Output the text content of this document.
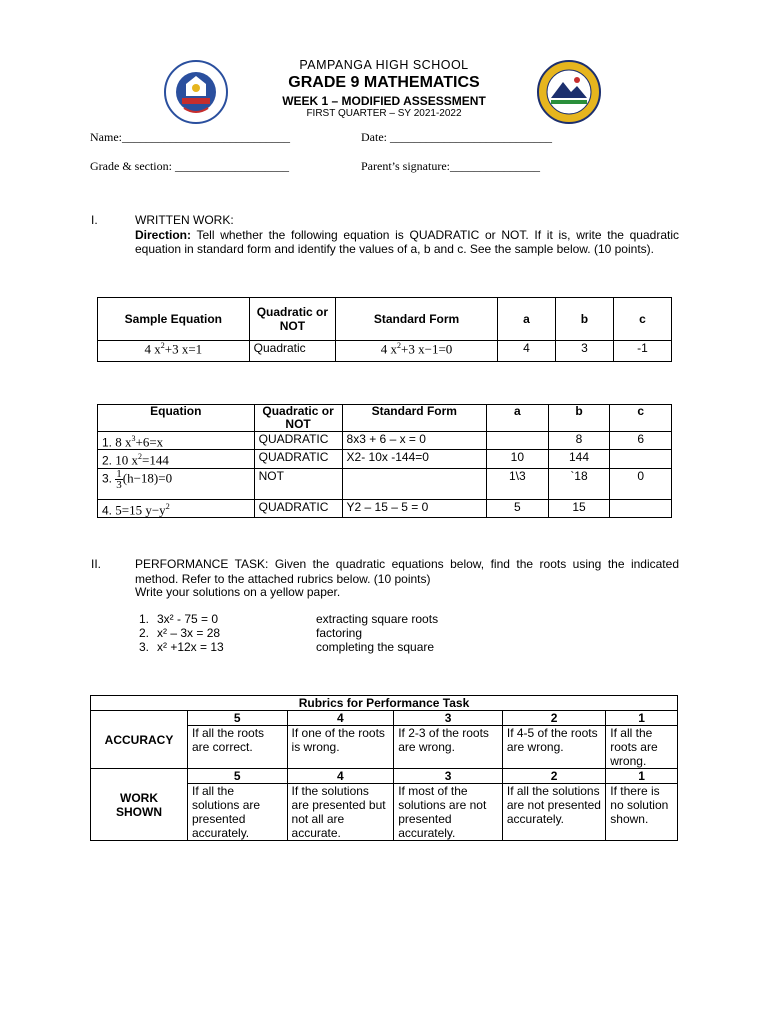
PAMPANGA HIGH SCHOOL
GRADE 9 MATHEMATICS
WEEK 1 – MODIFIED ASSESSMENT
FIRST QUARTER – SY 2021-2022
Name:____________________________	Date: ___________________________
Grade & section: ___________________	Parent’s signature:_______________
I.	WRITTEN WORK:
Direction: Tell whether the following equation is QUADRATIC or NOT. If it is, write the quadratic equation in standard form and identify the values of a, b and c. See the sample below. (10 points).
Sample Equation	Quadratic or NOT	Standard Form	a	b	c
4 $x^2+3$ x=1	Quadratic	4 $x^2+3$ x−1=0	4	3	-1
Equation	Quadratic or NOT	Standard Form	a	b	c
1. 8 $x^3+6=x$	QUADRATIC	8x3 + 6 – x = 0		8	6
2. 10 $x^2=144$	QUADRATIC	X2- 10x -144=0	10	144	
3. $\frac{1}{3} (h-18)=0$	NOT		1\3	`18	0
4. 5=15 $y-y^2$	QUADRATIC	Y2 – 15 – 5 = 0	5	15	
II.	PERFORMANCE TASK: Given the quadratic equations below, find the roots using the indicated method. Refer to the attached rubrics below. (10 points)
Write your solutions on a yellow paper.
1. 3x² - 75 = 0	extracting square roots
2. x² – 3x = 28	factoring
3. x² +12x = 13	completing the square
Rubrics for Performance Task					
ACCURACY	5	4	3	2	1
	If all the roots are correct.	If one of the roots is wrong.	If 2-3 of the roots are wrong.	If 4-5 of the roots are wrong.	If all the roots are wrong.
WORK SHOWN	5	4	3	2	1
	If all the solutions are presented accurately.	If the solutions are presented but not all are accurate.	If most of the solutions are not presented accurately.	If all the solutions are not presented accurately.	If there is no solution shown.
